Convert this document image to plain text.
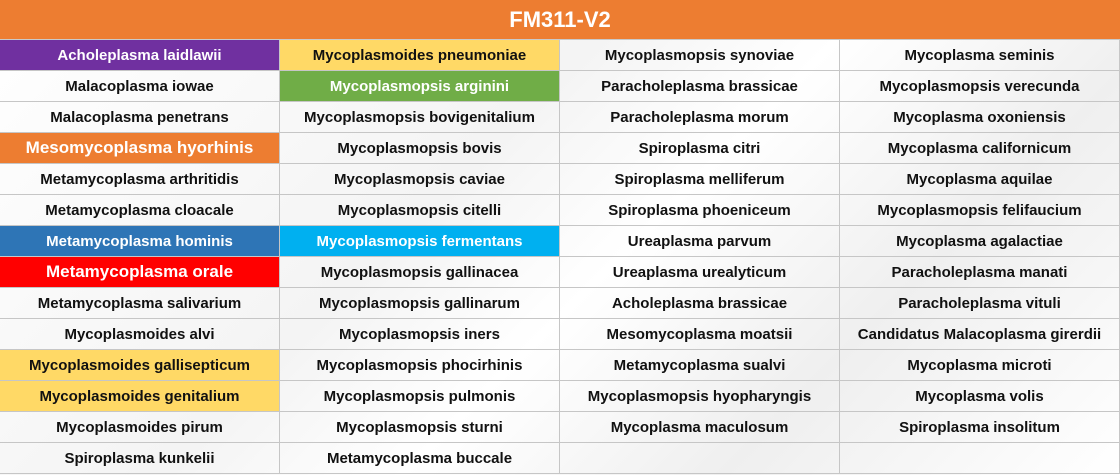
FM311-V2
Acholeplasma laidlawii	Mycoplasmoides pneumoniae	Mycoplasmopsis synoviae	Mycoplasma seminis
Malacoplasma iowae	Mycoplasmopsis arginini	Paracholeplasma brassicae	Mycoplasmopsis verecunda
Malacoplasma penetrans	Mycoplasmopsis bovigenitalium	Paracholeplasma morum	Mycoplasma oxoniensis
Mesomycoplasma hyorhinis	Mycoplasmopsis bovis	Spiroplasma citri	Mycoplasma californicum
Metamycoplasma arthritidis	Mycoplasmopsis caviae	Spiroplasma melliferum	Mycoplasma aquilae
Metamycoplasma cloacale	Mycoplasmopsis citelli	Spiroplasma phoeniceum	Mycoplasmopsis felifaucium
Metamycoplasma hominis	Mycoplasmopsis fermentans	Ureaplasma parvum	Mycoplasma agalactiae
Metamycoplasma orale	Mycoplasmopsis gallinacea	Ureaplasma urealyticum	Paracholeplasma manati
Metamycoplasma salivarium	Mycoplasmopsis gallinarum	Acholeplasma brassicae	Paracholeplasma vituli
Mycoplasmoides alvi	Mycoplasmopsis iners	Mesomycoplasma moatsii	Candidatus Malacoplasma girerdii
Mycoplasmoides gallisepticum	Mycoplasmopsis phocirhinis	Metamycoplasma sualvi	Mycoplasma microti
Mycoplasmoides genitalium	Mycoplasmopsis pulmonis	Mycoplasmopsis hyopharyngis	Mycoplasma volis
Mycoplasmoides pirum	Mycoplasmopsis sturni	Mycoplasma maculosum	Spiroplasma insolitum
Spiroplasma kunkelii	Metamycoplasma buccale
